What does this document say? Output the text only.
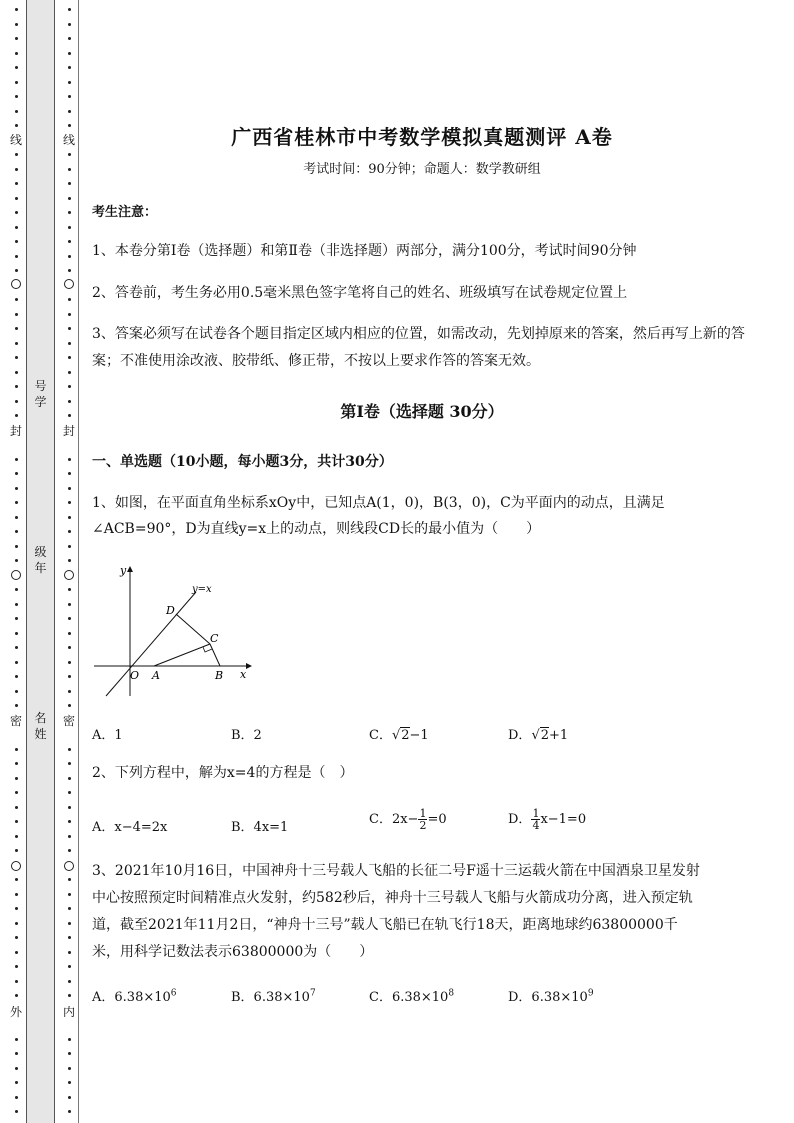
线
封
密
外
号学
级年
名姓
线
封
密
内
广西省桂林市中考数学模拟真题测评 A卷
考试时间：90分钟；命题人：数学教研组
考生注意：
1、本卷分第I卷（选择题）和第Ⅱ卷（非选择题）两部分，满分100分，考试时间90分钟
2、答卷前，考生务必用0.5毫米黑色签字笔将自己的姓名、班级填写在试卷规定位置上
3、答案必须写在试卷各个题目指定区域内相应的位置，如需改动，先划掉原来的答案，然后再写上新的答案；不准使用涂改液、胶带纸、修正带，不按以上要求作答的答案无效。
第I卷（选择题 30分）
一、单选题（10小题，每小题3分，共计30分）
1、如图，在平面直角坐标系xOy中，已知点A(1，0)，B(3，0)，C为平面内的动点，且满足
∠ACB=90°，D为直线y=x上的动点，则线段CD长的最小值为（　　）
y
x
y=x
O A	B
C
D
A．1	B．2	C．√2−1	D．√2+1
2、下列方程中，解为x=4的方程是（　）
A．x−4=2x	B．4x=1
C．$2x- \frac{1}{2} =0$	D． $\frac{1}{4} x-1=0$
3、2021年10月16日，中国神舟十三号载人飞船的长征二号F遥十三运载火箭在中国酒泉卫星发射
中心按照预定时间精准点火发射，约582秒后，神舟十三号载人飞船与火箭成功分离，进入预定轨
道，截至2021年11月2日，“神舟十三号”载人飞船已在轨飞行18天，距离地球约63800000千
米，用科学记数法表示63800000为（　　）
A．$6.38\times 10^6$	B．$6.38\times 10^7$	C．$6.38\times 10^8$	D．$6.38\times 10^9$
